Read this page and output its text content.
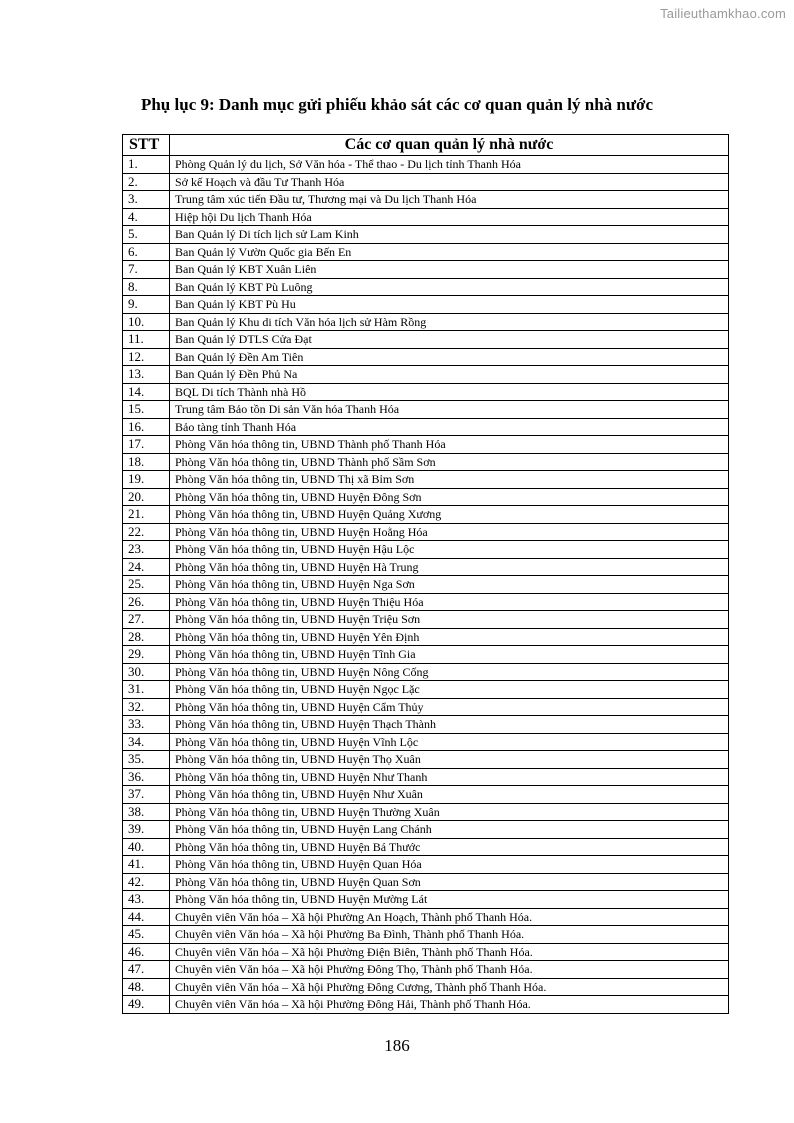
Tailieuthamkhao.com
Phụ lục 9: Danh mục gửi phiếu khảo sát các cơ quan quản lý nhà nước
STT	Các cơ quan quản lý nhà nước
1.	Phòng Quản lý du lịch, Sở Văn hóa - Thể thao - Du lịch tỉnh Thanh Hóa
2.	Sở kế Hoạch và đầu Tư Thanh Hóa
3.	Trung tâm xúc tiến Đầu tư, Thương mại và Du lịch Thanh Hóa
4.	Hiệp hội Du lịch Thanh Hóa
5.	Ban Quản lý Di tích lịch sử Lam Kinh
6.	Ban Quản lý Vườn Quốc gia Bến En
7.	Ban Quản lý KBT Xuân Liên
8.	Ban Quản lý KBT Pù Luông
9.	Ban Quản lý KBT Pù Hu
10.	Ban Quản lý Khu di tích Văn hóa lịch sử Hàm Rồng
11.	Ban Quản lý DTLS Cửa Đạt
12.	Ban Quản lý Đền Am Tiên
13.	Ban Quản lý Đền Phủ Na
14.	BQL Di tích Thành nhà Hồ
15.	Trung tâm Bảo tồn Di sản Văn hóa Thanh Hóa
16.	Bảo tàng tỉnh Thanh Hóa
17.	Phòng Văn hóa thông tin, UBND Thành phố Thanh Hóa
18.	Phòng Văn hóa thông tin, UBND Thành phố Sầm Sơn
19.	Phòng Văn hóa thông tin, UBND Thị xã Bỉm Sơn
20.	Phòng Văn hóa thông tin, UBND Huyện Đông Sơn
21.	Phòng Văn hóa thông tin, UBND Huyện Quảng Xương
22.	Phòng Văn hóa thông tin, UBND Huyện Hoằng Hóa
23.	Phòng Văn hóa thông tin, UBND Huyện Hậu Lộc
24.	Phòng Văn hóa thông tin, UBND Huyện Hà Trung
25.	Phòng Văn hóa thông tin, UBND Huyện Nga Sơn
26.	Phòng Văn hóa thông tin, UBND Huyện Thiệu Hóa
27.	Phòng Văn hóa thông tin, UBND Huyện Triệu Sơn
28.	Phòng Văn hóa thông tin, UBND Huyện Yên Định
29.	Phòng Văn hóa thông tin, UBND Huyện Tĩnh Gia
30.	Phòng Văn hóa thông tin, UBND Huyện Nông Cống
31.	Phòng Văn hóa thông tin, UBND Huyện Ngọc Lặc
32.	Phòng Văn hóa thông tin, UBND Huyện Cẩm Thủy
33.	Phòng Văn hóa thông tin, UBND Huyện Thạch Thành
34.	Phòng Văn hóa thông tin, UBND Huyện Vĩnh Lộc
35.	Phòng Văn hóa thông tin, UBND Huyện Thọ Xuân
36.	Phòng Văn hóa thông tin, UBND Huyện Như Thanh
37.	Phòng Văn hóa thông tin, UBND Huyện Như Xuân
38.	Phòng Văn hóa thông tin, UBND Huyện Thường Xuân
39.	Phòng Văn hóa thông tin, UBND Huyện Lang Chánh
40.	Phòng Văn hóa thông tin, UBND Huyện Bá Thước
41.	Phòng Văn hóa thông tin, UBND Huyện Quan Hóa
42.	Phòng Văn hóa thông tin, UBND Huyện Quan Sơn
43.	Phòng Văn hóa thông tin, UBND Huyện Mường Lát
44.	Chuyên viên Văn hóa – Xã hội Phường An Hoạch, Thành phố Thanh Hóa.
45.	Chuyên viên Văn hóa – Xã hội Phường Ba Đình, Thành phố Thanh Hóa.
46.	Chuyên viên Văn hóa – Xã hội Phường Điện Biên, Thành phố Thanh Hóa.
47.	Chuyên viên Văn hóa – Xã hội Phường Đông Thọ, Thành phố Thanh Hóa.
48.	Chuyên viên Văn hóa – Xã hội Phường Đông Cương, Thành phố Thanh Hóa.
49.	Chuyên viên Văn hóa – Xã hội Phường Đông Hải, Thành phố Thanh Hóa.
186
